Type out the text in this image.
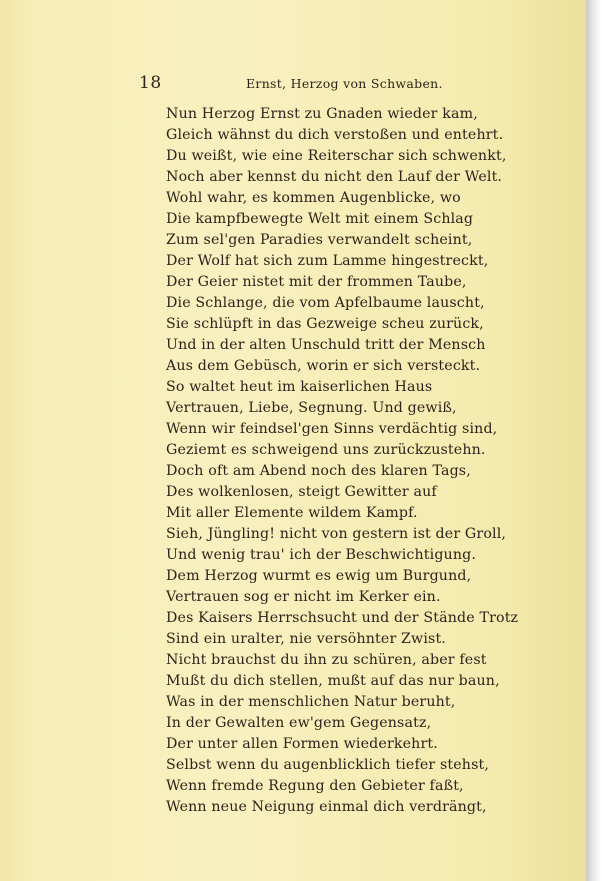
18	Ernst, Herzog von Schwaben.
Nun Herzog Ernst zu Gnaden wieder kam,
Gleich wähnst du dich verstoßen und entehrt.
Du weißt, wie eine Reiterschar sich schwenkt,
Noch aber kennst du nicht den Lauf der Welt.
Wohl wahr, es kommen Augenblicke, wo
Die kampfbewegte Welt mit einem Schlag
Zum sel'gen Paradies verwandelt scheint,
Der Wolf hat sich zum Lamme hingestreckt,
Der Geier nistet mit der frommen Taube,
Die Schlange, die vom Apfelbaume lauscht,
Sie schlüpft in das Gezweige scheu zurück,
Und in der alten Unschuld tritt der Mensch
Aus dem Gebüsch, worin er sich versteckt.
So waltet heut im kaiserlichen Haus
Vertrauen, Liebe, Segnung. Und gewiß,
Wenn wir feindsel'gen Sinns verdächtig sind,
Geziemt es schweigend uns zurückzustehn.
Doch oft am Abend noch des klaren Tags,
Des wolkenlosen, steigt Gewitter auf
Mit aller Elemente wildem Kampf.
Sieh, Jüngling! nicht von gestern ist der Groll,
Und wenig trau' ich der Beschwichtigung.
Dem Herzog wurmt es ewig um Burgund,
Vertrauen sog er nicht im Kerker ein.
Des Kaisers Herrschsucht und der Stände Trotz
Sind ein uralter, nie versöhnter Zwist.
Nicht brauchst du ihn zu schüren, aber fest
Mußt du dich stellen, mußt auf das nur baun,
Was in der menschlichen Natur beruht,
In der Gewalten ew'gem Gegensatz,
Der unter allen Formen wiederkehrt.
Selbst wenn du augenblicklich tiefer stehst,
Wenn fremde Regung den Gebieter faßt,
Wenn neue Neigung einmal dich verdrängt,
